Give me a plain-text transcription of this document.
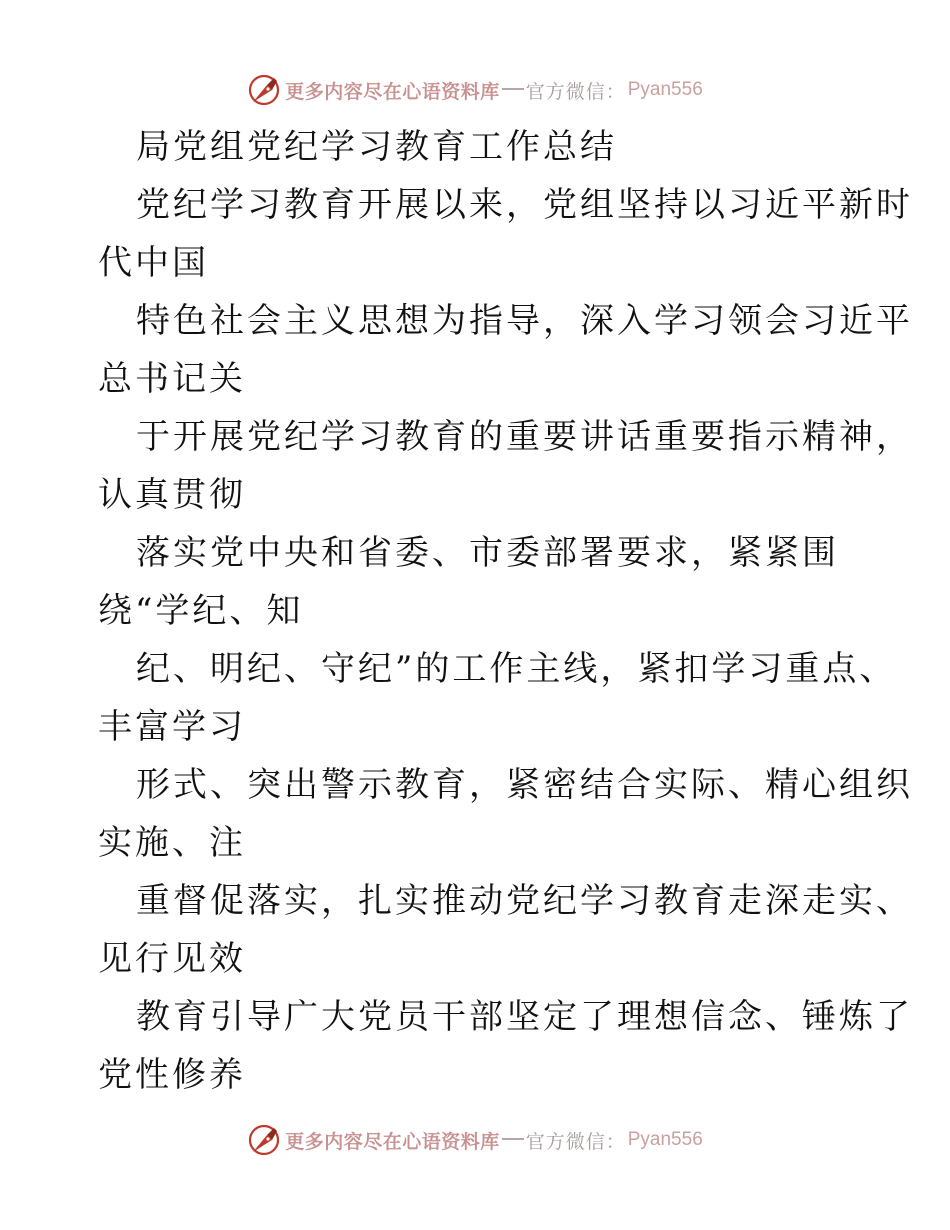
更多内容尽在心语资料库 官方微信： Pyan556
局党组党纪学习教育工作总结
党纪学习教育开展以来，党组坚持以习近平新时
代中国
特色社会主义思想为指导，深入学习领会习近平
总书记关
于开展党纪学习教育的重要讲话重要指示精神，
认真贯彻
落实党中央和省委、市委部署要求，紧紧围
绕“学纪、知
纪、明纪、守纪”的工作主线，紧扣学习重点、
丰富学习
形式、突出警示教育，紧密结合实际、精心组织
实施、注
重督促落实，扎实推动党纪学习教育走深走实、
见行见效
教育引导广大党员干部坚定了理想信念、锤炼了
党性修养
更多内容尽在心语资料库 官方微信： Pyan556
